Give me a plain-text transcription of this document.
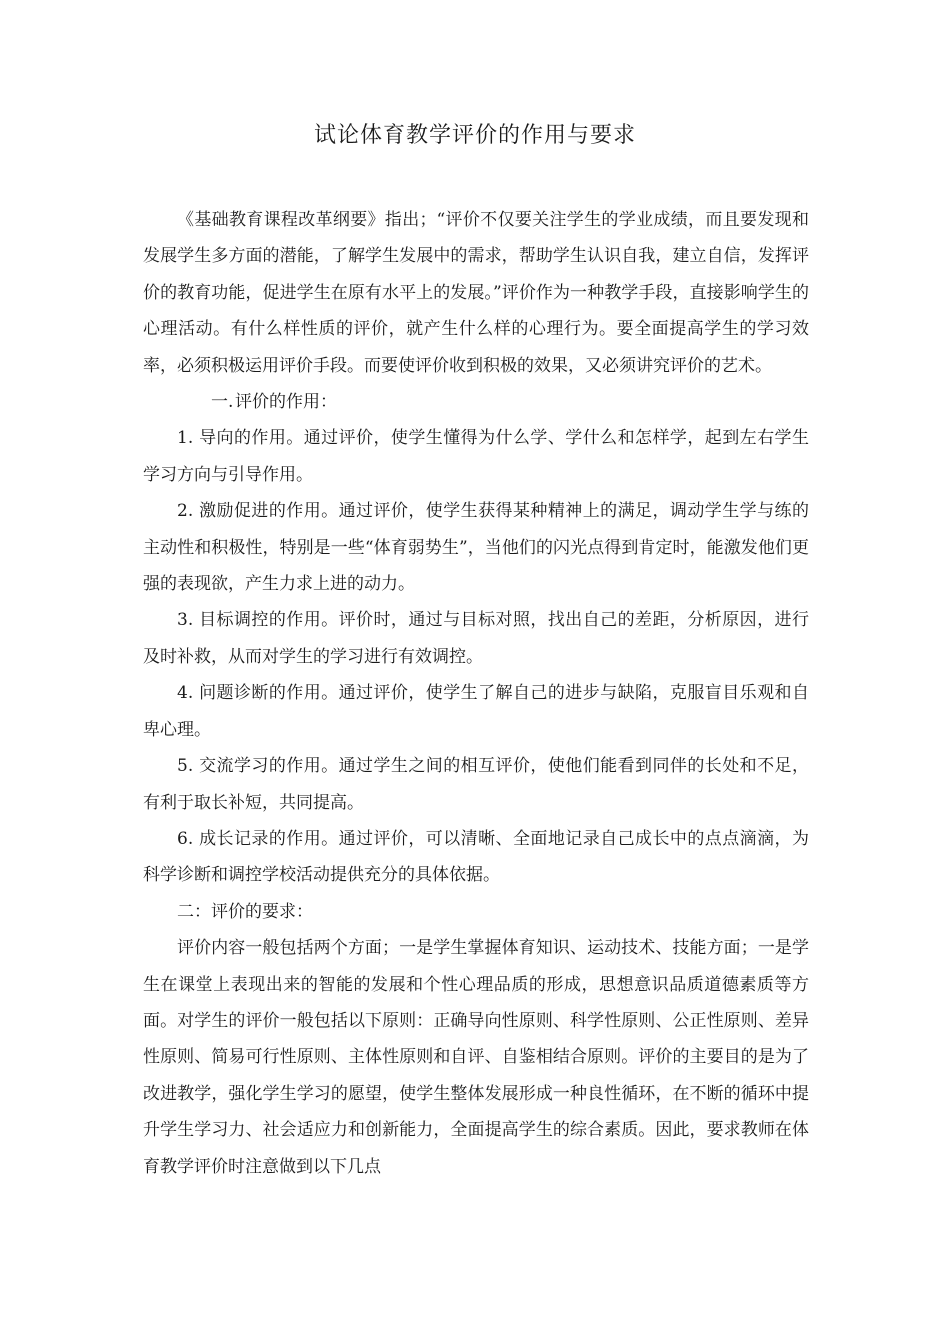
试论体育教学评价的作用与要求

《基础教育课程改革纲要》指出；“评价不仅要关注学生的学业成绩，而且要发现和发展学生多方面的潜能，了解学生发展中的需求，帮助学生认识自我，建立自信，发挥评价的教育功能，促进学生在原有水平上的发展。”评价作为一种教学手段，直接影响学生的心理活动。有什么样性质的评价，就产生什么样的心理行为。要全面提高学生的学习效率，必须积极运用评价手段。而要使评价收到积极的效果，又必须讲究评价的艺术。

一.评价的作用：

1. 导向的作用。通过评价，使学生懂得为什么学、学什么和怎样学，起到左右学生学习方向与引导作用。

2. 激励促进的作用。通过评价，使学生获得某种精神上的满足，调动学生学与练的主动性和积极性，特别是一些“体育弱势生”，当他们的闪光点得到肯定时，能激发他们更强的表现欲，产生力求上进的动力。

3. 目标调控的作用。评价时，通过与目标对照，找出自己的差距，分析原因，进行及时补救，从而对学生的学习进行有效调控。

4. 问题诊断的作用。通过评价，使学生了解自己的进步与缺陷，克服盲目乐观和自卑心理。

5. 交流学习的作用。通过学生之间的相互评价，使他们能看到同伴的长处和不足，有利于取长补短，共同提高。

6. 成长记录的作用。通过评价，可以清晰、全面地记录自己成长中的点点滴滴，为科学诊断和调控学校活动提供充分的具体依据。

二：评价的要求：

评价内容一般包括两个方面；一是学生掌握体育知识、运动技术、技能方面；一是学生在课堂上表现出来的智能的发展和个性心理品质的形成，思想意识品质道德素质等方面。对学生的评价一般包括以下原则：正确导向性原则、科学性原则、公正性原则、差异性原则、简易可行性原则、主体性原则和自评、自鉴相结合原则。评价的主要目的是为了改进教学，强化学生学习的愿望，使学生整体发展形成一种良性循环，在不断的循环中提升学生学习力、社会适应力和创新能力，全面提高学生的综合素质。因此，要求教师在体育教学评价时注意做到以下几点
